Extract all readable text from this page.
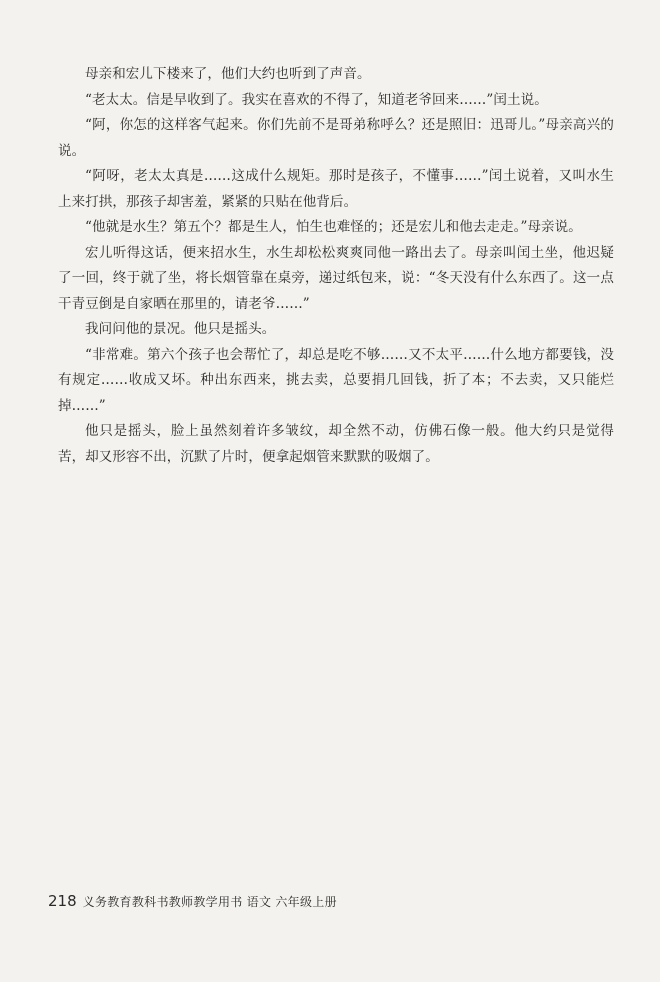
母亲和宏儿下楼来了，他们大约也听到了声音。

“老太太。信是早收到了。我实在喜欢的不得了，知道老爷回来……”闰土说。

“阿，你怎的这样客气起来。你们先前不是哥弟称呼么？还是照旧：迅哥儿。”母亲高兴的说。

“阿呀，老太太真是……这成什么规矩。那时是孩子，不懂事……”闰土说着，又叫水生上来打拱，那孩子却害羞，紧紧的只贴在他背后。

“他就是水生？第五个？都是生人，怕生也难怪的；还是宏儿和他去走走。”母亲说。

宏儿听得这话，便来招水生，水生却松松爽爽同他一路出去了。母亲叫闰土坐，他迟疑了一回，终于就了坐，将长烟管靠在桌旁，递过纸包来，说：“冬天没有什么东西了。这一点干青豆倒是自家晒在那里的，请老爷……”

我问问他的景况。他只是摇头。

“非常难。第六个孩子也会帮忙了，却总是吃不够……又不太平……什么地方都要钱，没有规定……收成又坏。种出东西来，挑去卖，总要捐几回钱，折了本；不去卖，又只能烂掉……”

他只是摇头，脸上虽然刻着许多皱纹，却全然不动，仿佛石像一般。他大约只是觉得苦，却又形容不出，沉默了片时，便拿起烟管来默默的吸烟了。

218 义务教育教科书教师教学用书 语文 六年级上册
